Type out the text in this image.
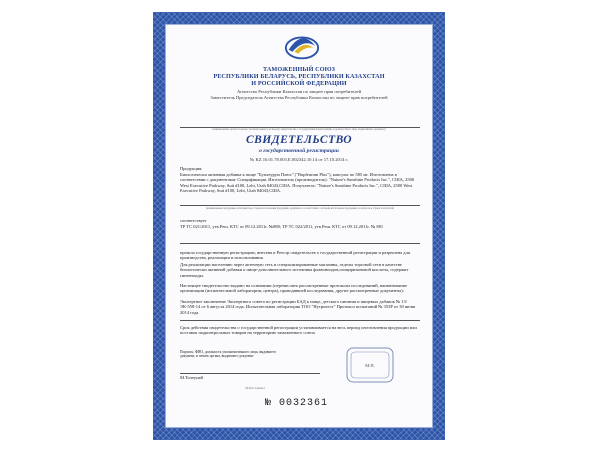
ТАМОЖЕННЫЙ СОЮЗ
РЕСПУБЛИКИ БЕЛАРУСЬ, РЕСПУБЛИКИ КАЗАХСТАН
И РОССИЙСКОЙ ФЕДЕРАЦИИ
Агентство Республики Казахстан по защите прав потребителей
Заместитель Председателя Агентства Республики Казахстан по защите прав потребителей
(наименование органа Стороны, уполномоченного на выдачу свидетельства о государственной регистрации, и должностного лица, подписавшего документ)
СВИДЕТЕЛЬСТВО
о государственной регистрации
№ KZ.16.01.78.003.Е.002342.10.14 от 17.10.2014 г.
Продукция:
Биологически активная добавка к пище "Буплеурум Плюс" ("Bupleurum Plus"), капсулы по 585 мг. Изготовлена в соответствии с документами: Спецификация. Изготовитель (производитель): "Nature's Sunshine Products Inc.", США, 2500 West Executive Parkway, Suit #100, Lehi, Utah 84043,США. Получатель: "Nature's Sunshine Products Inc.", США, 2500 West Executive Parkway, Suit #100, Lehi, Utah 84043,США.
(наименование продукции, изготовитель и страна изготовления продукции, документ, в соответствии с которым изготовлена продукция, получатель и страна получателя)
соответствует
ТР ТС 021/2011, утв.Реш. КТС от 09.12.2011г. №880; ТР ТС 022/2011, утв.Реш. КТС от 09.12.2011г. № 881
прошла государственную регистрацию, внесена в Реестр свидетельств о государственной регистрации и разрешена для производства, реализации и использования
Для реализации населению через аптечную сеть и специализированные магазины, отделы торговой сети в качестве биологически активной добавки к пище-дополнительного источника флавоноидов,глициризиновой кислоты, содержит гинзеноиды.
Настоящее свидетельство выдано на основании (перечислить рассмотренные протоколы исследований, наименование организации (испытательной лаборатории, центра), проводившей исследования, другие рассмотренные документы):
Экспертное заключение Экспертного совета по регистрации БАД к пище, детского питания и пищевых добавок № 13/ЭК-558-14 от 6 августа 2014 года. Испытательная лаборатория ТОО "Нутритест" Протокол испытаний № 353Р от 30 июня 2014 года.
Срок действия свидетельства о государственной регистрации устанавливается на весь период изготовления продукции или поставок подконтрольных товаров на территорию таможенного союза
Подпись, ФИО, должность уполномоченного лица, выдавшего документ, и печать органа, выдавшего документ
М.Толеупай
(Ф.И.О. подпись)
М.П.
№ 0032361
